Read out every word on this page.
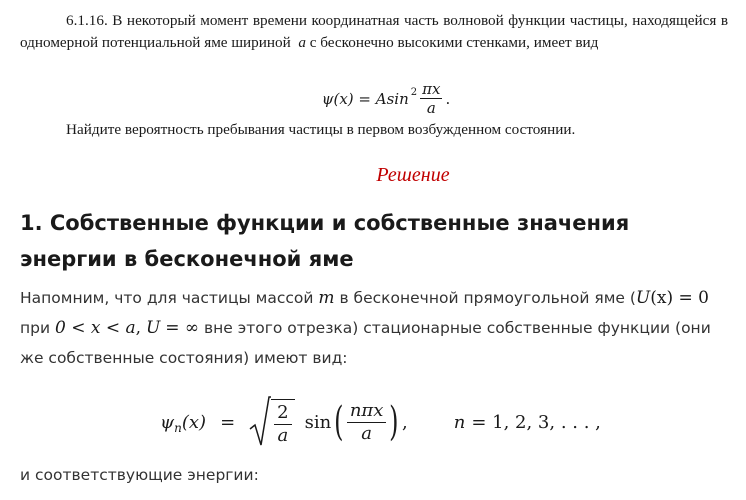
6.1.16. В некоторый момент времени координатная часть волновой функции частицы, находящейся в одномерной потенциальной яме шириной a с бесконечно высокими стенками, имеет вид

ψ(x) = Asin $2 \frac{\pi x}{a}$ .
Найдите вероятность пребывания частицы в первом возбужденном состоянии.
Решение
1. Собственные функции и собственные значения энергии в бесконечной яме

Напомним, что для частицы массой m в бесконечной прямоугольной яме (U(x) = 0 при 0 < x < a, U = ∞ вне этого отрезка) стационарные собственные функции (они же собственные состояния) имеют вид:

ψ n $(x) = \frac{2}{a}$ sin ( $\frac{\text{nπx}}{a}$ ) ,	n = 1, 2, 3, . . . ,
и соответствующие энергии:
